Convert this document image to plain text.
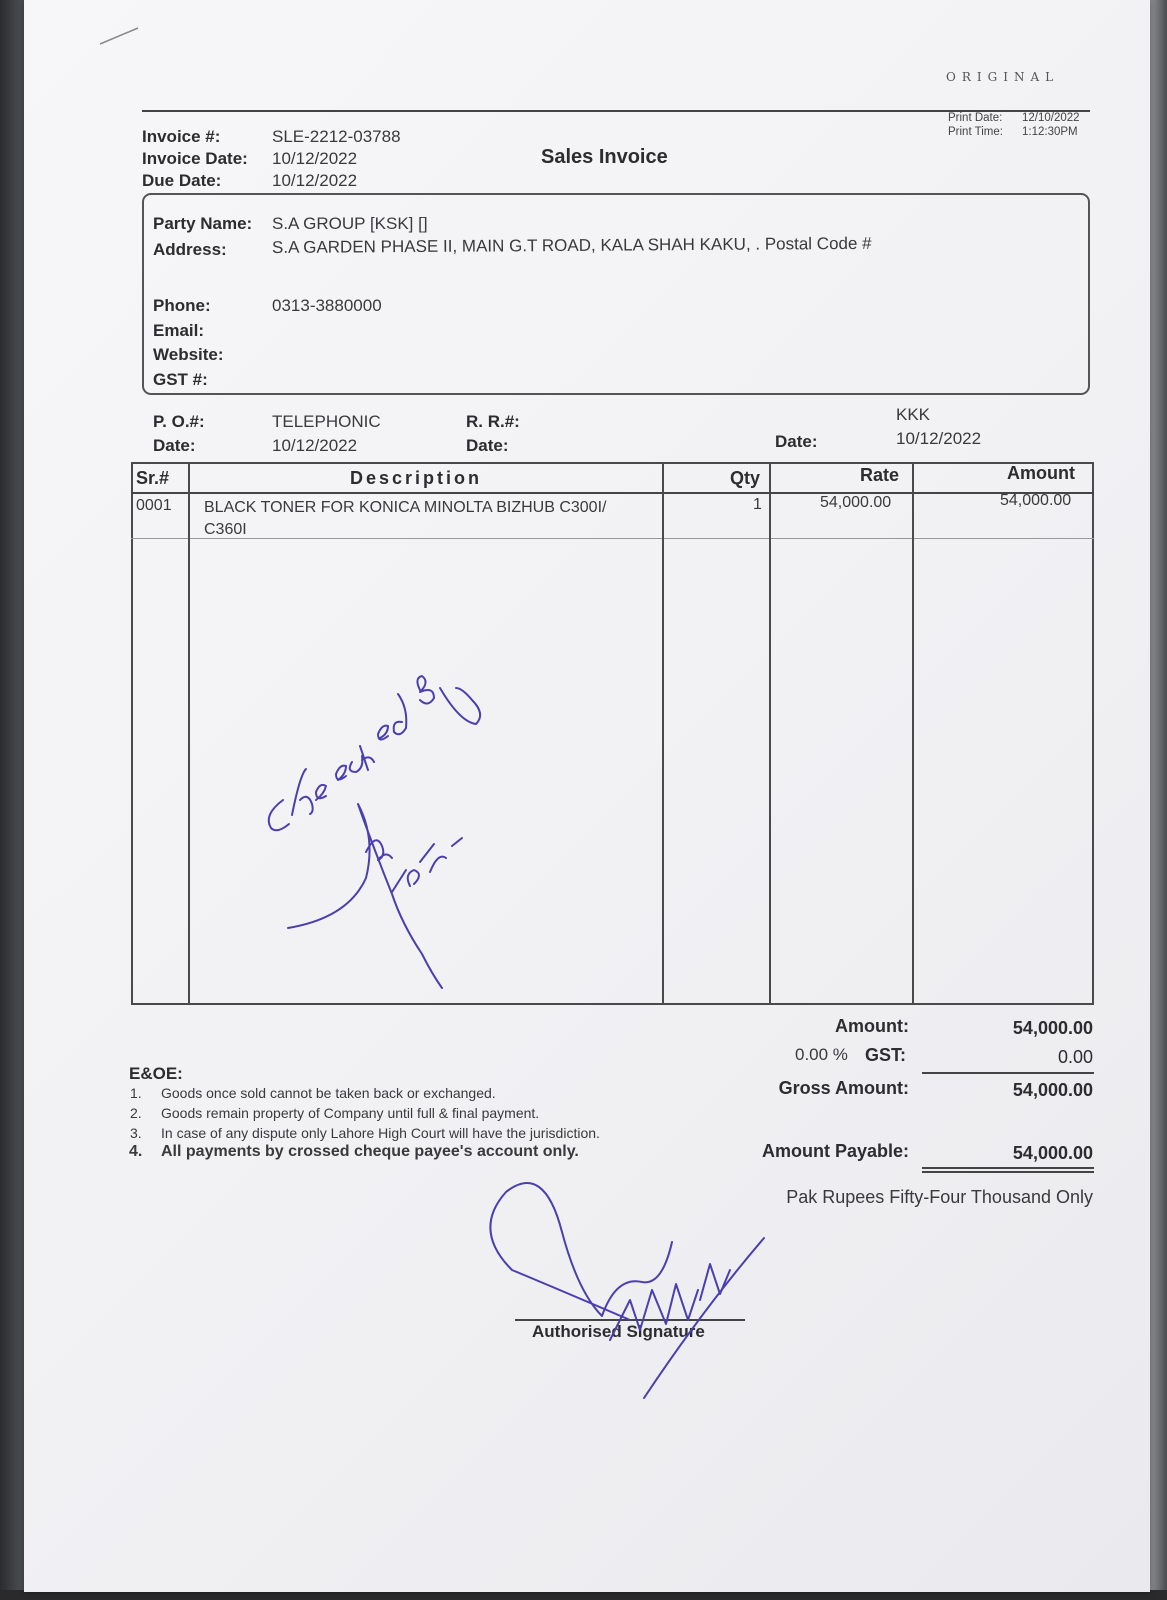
ORIGINAL
Print Date: 12/10/2022
Print Time: 1:12:30PM
Invoice #:	SLE-2212-03788
Invoice Date: 10/12/2022
Due Date:	10/12/2022
Sales Invoice
Party Name: S.A GROUP [KSK] []
Address:	S.A GARDEN PHASE II, MAIN G.T ROAD, KALA SHAH KAKU, . Postal Code #
Phone:	0313-3880000
Email:
Website:
GST #:
P. O.#:	TELEPHONIC
Date:	10/12/2022
R. R.#:
Date:
KKK
Date:	10/12/2022
Sr.#	Description	Qty	Rate	Amount
0001 BLACK TONER FOR KONICA MINOLTA BIZHUB C300I/
C360I
1	54,000.00	54,000.00
Amount:	54,000.00
0.00 % GST:	0.00
Gross Amount:	54,000.00
Amount Payable:	54,000.00
Pak Rupees Fifty-Four Thousand Only
E&OE:
1. Goods once sold cannot be taken back or exchanged.
2. Goods remain property of Company until full & final payment.
3. In case of any dispute only Lahore High Court will have the jurisdiction.
4. All payments by crossed cheque payee's account only.
Authorised Signature
